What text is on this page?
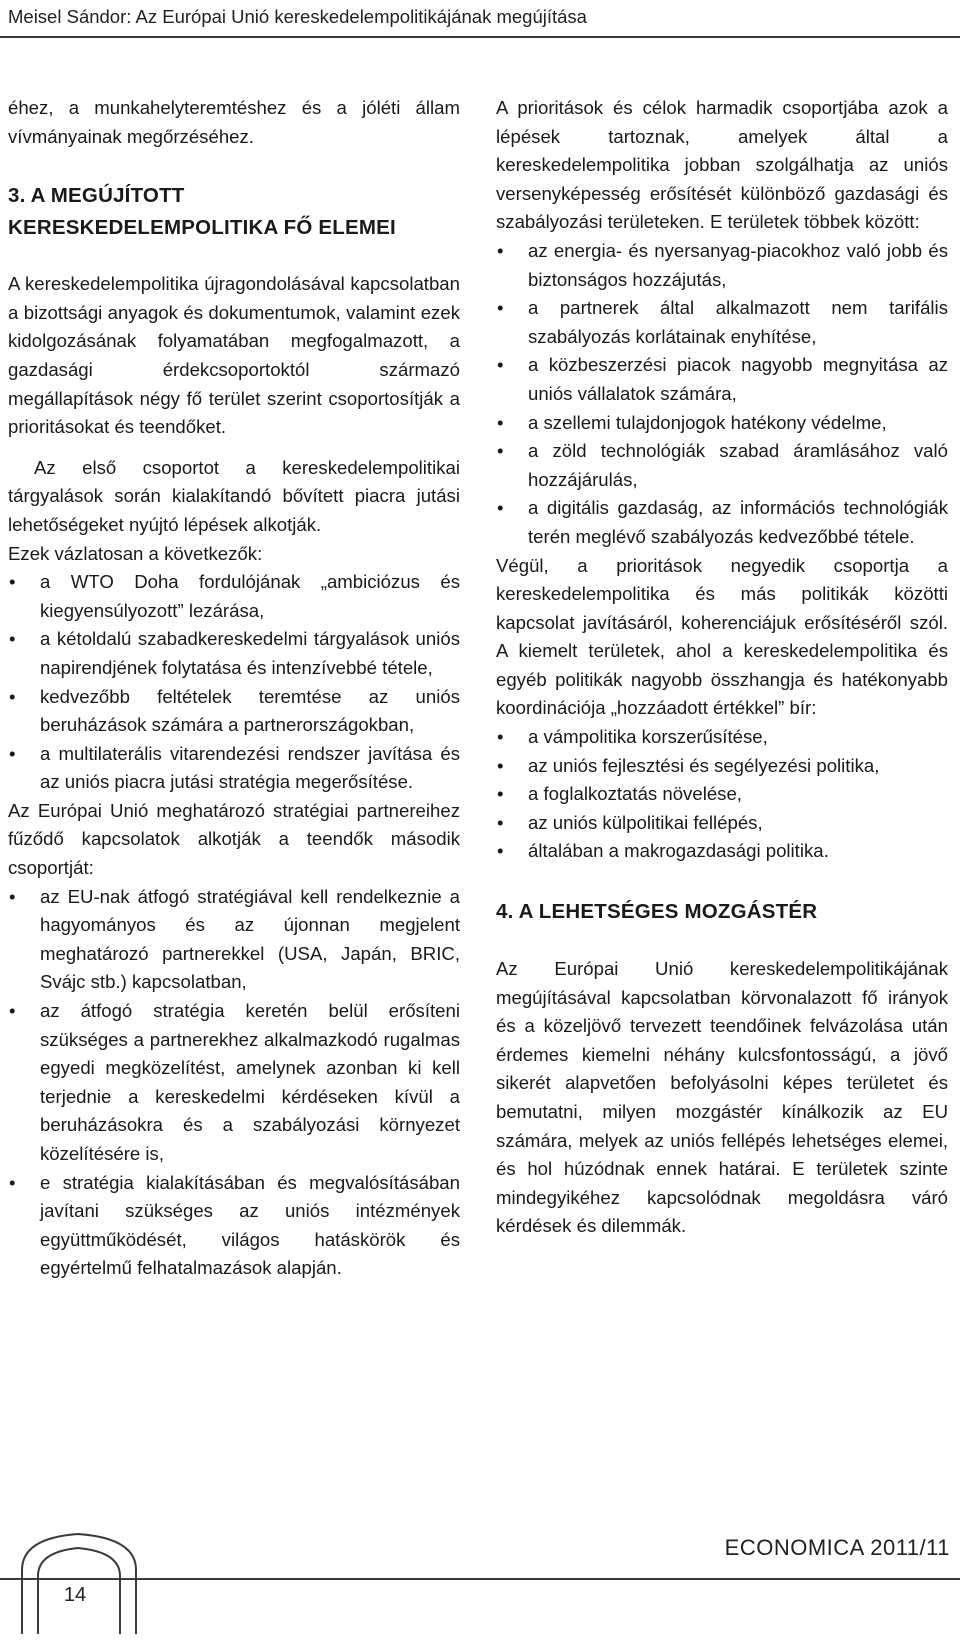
Meisel Sándor: Az Európai Unió kereskedelempolitikájának megújítása

éhez, a munkahelyteremtéshez és a jóléti állam vívmányainak megőrzéséhez.

3. A MEGÚJÍTOTT
KERESKEDELEMPOLITIKA FŐ ELEMEI

A kereskedelempolitika újragondolásával kapcsolatban a bizottsági anyagok és dokumentumok, valamint ezek kidolgozásának folyamatában megfogalmazott, a gazdasági érdekcsoportoktól származó megállapítások négy fő terület szerint csoportosítják a prioritásokat és teendőket.

Az első csoportot a kereskedelempolitikai tárgyalások során kialakítandó bővített piacra jutási lehetőségeket nyújtó lépések alkotják.

Ezek vázlatosan a következők:

• a WTO Doha fordulójának „ambiciózus és kiegyensúlyozott” lezárása,
• a kétoldalú szabadkereskedelmi tárgyalások uniós napirendjének folytatása és intenzívebbé tétele,
• kedvezőbb feltételek teremtése az uniós beruházások számára a partnerországokban,
• a multilaterális vitarendezési rendszer javítása és az uniós piacra jutási stratégia megerősítése.

Az Európai Unió meghatározó stratégiai partnereihez fűződő kapcsolatok alkotják a teendők második csoportját:

• az EU-nak átfogó stratégiával kell rendelkeznie a hagyományos és az újonnan megjelent meghatározó partnerekkel (USA, Japán, BRIC, Svájc stb.) kapcsolatban,
• az átfogó stratégia keretén belül erősíteni szükséges a partnerekhez alkalmazkodó rugalmas egyedi megközelítést, amelynek azonban ki kell terjednie a kereskedelmi kérdéseken kívül a beruházásokra és a szabályozási környezet közelítésére is,
• e stratégia kialakításában és megvalósításában javítani szükséges az uniós intézmények együttműködését, világos hatáskörök és egyértelmű felhatalmazások alapján.

A prioritások és célok harmadik csoportjába azok a lépések tartoznak, amelyek által a kereskedelempolitika jobban szolgálhatja az uniós versenyképesség erősítését különböző gazdasági és szabályozási területeken. E területek többek között:

• az energia- és nyersanyag-piacokhoz való jobb és biztonságos hozzájutás,
• a partnerek által alkalmazott nem tarifális szabályozás korlátainak enyhítése,
• a közbeszerzési piacok nagyobb megnyitása az uniós vállalatok számára,
• a szellemi tulajdonjogok hatékony védelme,
• a zöld technológiák szabad áramlásához való hozzájárulás,
• a digitális gazdaság, az információs technológiák terén meglévő szabályozás kedvezőbbé tétele.

Végül, a prioritások negyedik csoportja a kereskedelempolitika és más politikák közötti kapcsolat javításáról, koherenciájuk erősítéséről szól. A kiemelt területek, ahol a kereskedelempolitika és egyéb politikák nagyobb összhangja és hatékonyabb koordinációja „hozzáadott értékkel” bír:

• a vámpolitika korszerűsítése,
• az uniós fejlesztési és segélyezési politika,
• a foglalkoztatás növelése,
• az uniós külpolitikai fellépés,
• általában a makrogazdasági politika.
4. A LEHETSÉGES MOZGÁSTÉR

Az Európai Unió kereskedelempolitikájának megújításával kapcsolatban körvonalazott fő irányok és a közeljövő tervezett teendőinek felvázolása után érdemes kiemelni néhány kulcsfontosságú, a jövő sikerét alapvetően befolyásolni képes területet és bemutatni, milyen mozgástér kínálkozik az EU számára, melyek az uniós fellépés lehetséges elemei, és hol húzódnak ennek határai. E területek szinte mindegyikéhez kapcsolódnak megoldásra váró kérdések és dilemmák.

14
ECONOMICA 2011/11
